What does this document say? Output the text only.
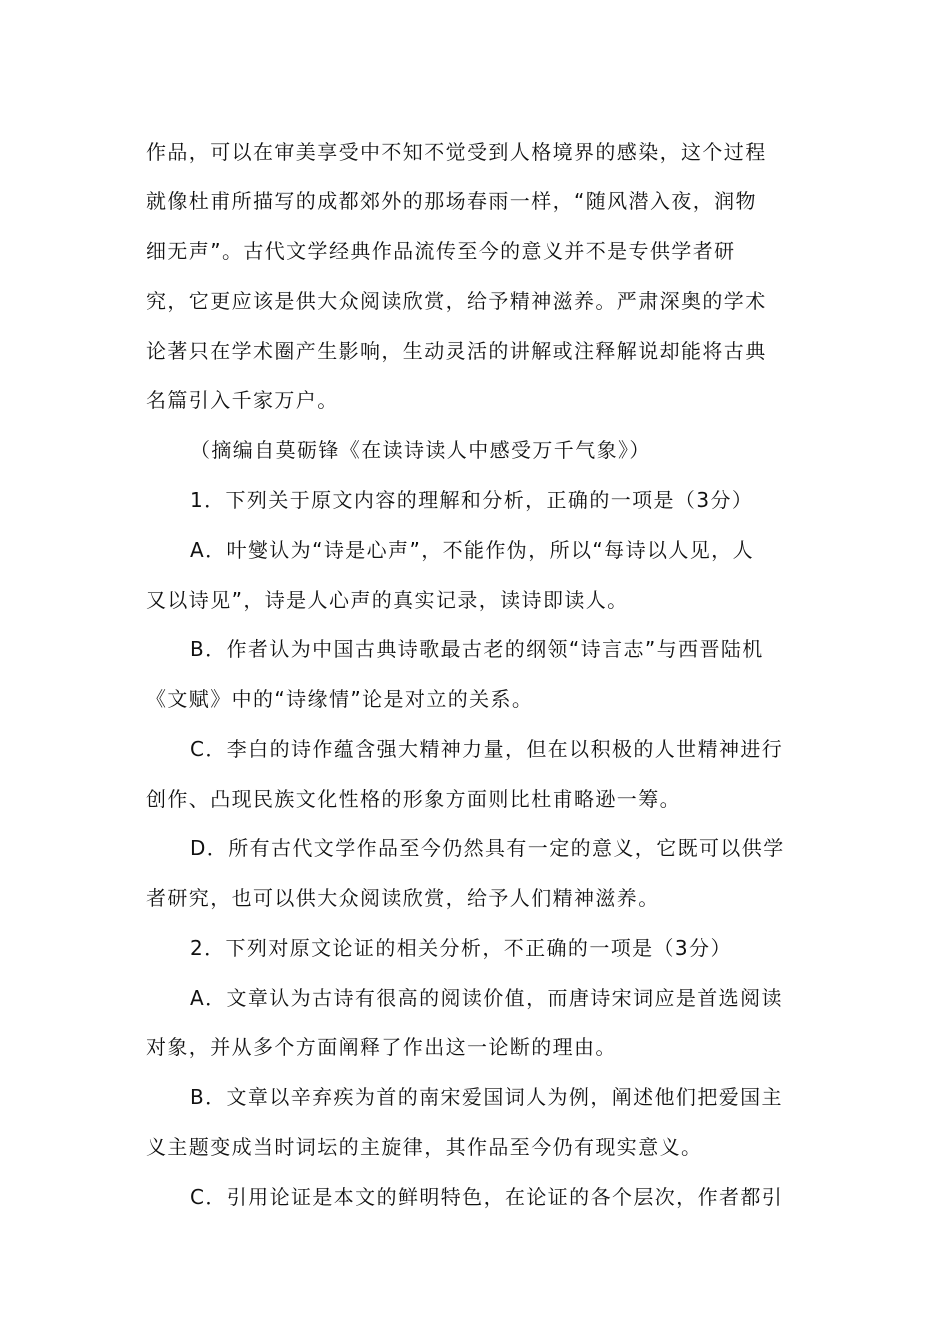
作品，可以在审美享受中不知不觉受到人格境界的感染，这个过程
就像杜甫所描写的成都郊外的那场春雨一样，“随风潜入夜，润物
细无声”。古代文学经典作品流传至今的意义并不是专供学者研
究，它更应该是供大众阅读欣赏，给予精神滋养。严肃深奥的学术
论著只在学术圈产生影响，生动灵活的讲解或注释解说却能将古典
名篇引入千家万户。
（摘编自莫砺锋《在读诗读人中感受万千气象》）
1．下列关于原文内容的理解和分析，正确的一项是（3分）
A．叶燮认为“诗是心声”，不能作伪，所以“每诗以人见，人
又以诗见”，诗是人心声的真实记录，读诗即读人。
B．作者认为中国古典诗歌最古老的纲领“诗言志”与西晋陆机
《文赋》中的“诗缘情”论是对立的关系。
C．李白的诗作蕴含强大精神力量，但在以积极的人世精神进行
创作、凸现民族文化性格的形象方面则比杜甫略逊一筹。
D．所有古代文学作品至今仍然具有一定的意义，它既可以供学
者研究，也可以供大众阅读欣赏，给予人们精神滋养。
2．下列对原文论证的相关分析，不正确的一项是（3分）
A．文章认为古诗有很高的阅读价值，而唐诗宋词应是首选阅读
对象，并从多个方面阐释了作出这一论断的理由。
B．文章以辛弃疾为首的南宋爱国词人为例，阐述他们把爱国主
义主题变成当时词坛的主旋律，其作品至今仍有现实意义。
C．引用论证是本文的鲜明特色，在论证的各个层次，作者都引
